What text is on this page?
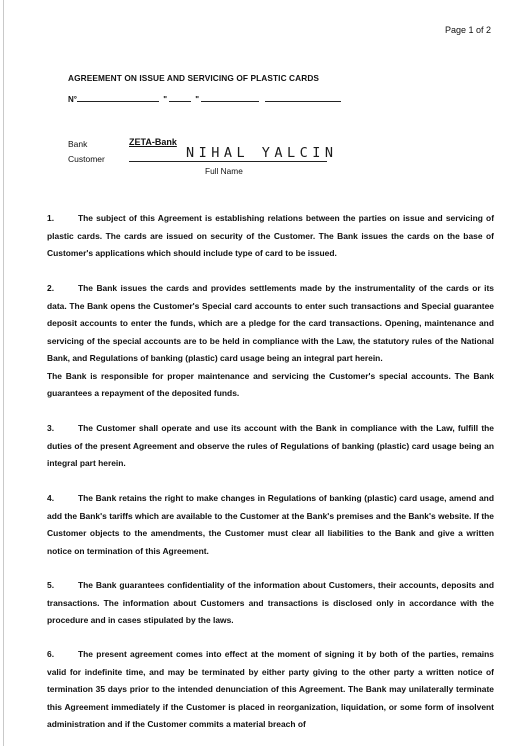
Page 1 of 2
AGREEMENT ON ISSUE AND SERVICING OF PLASTIC CARDS
N°	"	"
Bank	ZETA-Bank
Customer	NIHAL YALCIN
Full Name

1.	The subject of this Agreement is establishing relations between the parties on issue and servicing of plastic cards. The cards are issued on security of the Customer. The Bank issues the cards on the base of Customer's applications which should include type of card to be issued.

2.	The Bank issues the cards and provides settlements made by the instrumentality of the cards or its data. The Bank opens the Customer's Special card accounts to enter such transactions and Special guarantee deposit accounts to enter the funds, which are a pledge for the card transactions. Opening, maintenance and servicing of the special accounts are to be held in compliance with the Law, the statutory rules of the National Bank, and Regulations of banking (plastic) card usage being an integral part herein.
The Bank is responsible for proper maintenance and servicing the Customer's special accounts. The Bank guarantees a repayment of the deposited funds.

3.	The Customer shall operate and use its account with the Bank in compliance with the Law, fulfill the duties of the present Agreement and observe the rules of Regulations of banking (plastic) card usage being an integral part herein.

4.	The Bank retains the right to make changes in Regulations of banking (plastic) card usage, amend and add the Bank's tariffs which are available to the Customer at the Bank's premises and the Bank's website. If the Customer objects to the amendments, the Customer must clear all liabilities to the Bank and give a written notice on termination of this Agreement.

5.	The Bank guarantees confidentiality of the information about Customers, their accounts, deposits and transactions. The information about Customers and transactions is disclosed only in accordance with the procedure and in cases stipulated by the laws.

6.	The present agreement comes into effect at the moment of signing it by both of the parties, remains valid for indefinite time, and may be terminated by either party giving to the other party a written notice of termination 35 days prior to the intended denunciation of this Agreement. The Bank may unilaterally terminate this Agreement immediately if the Customer is placed in reorganization, liquidation, or some form of insolvent administration and if the Customer commits a material breach of
